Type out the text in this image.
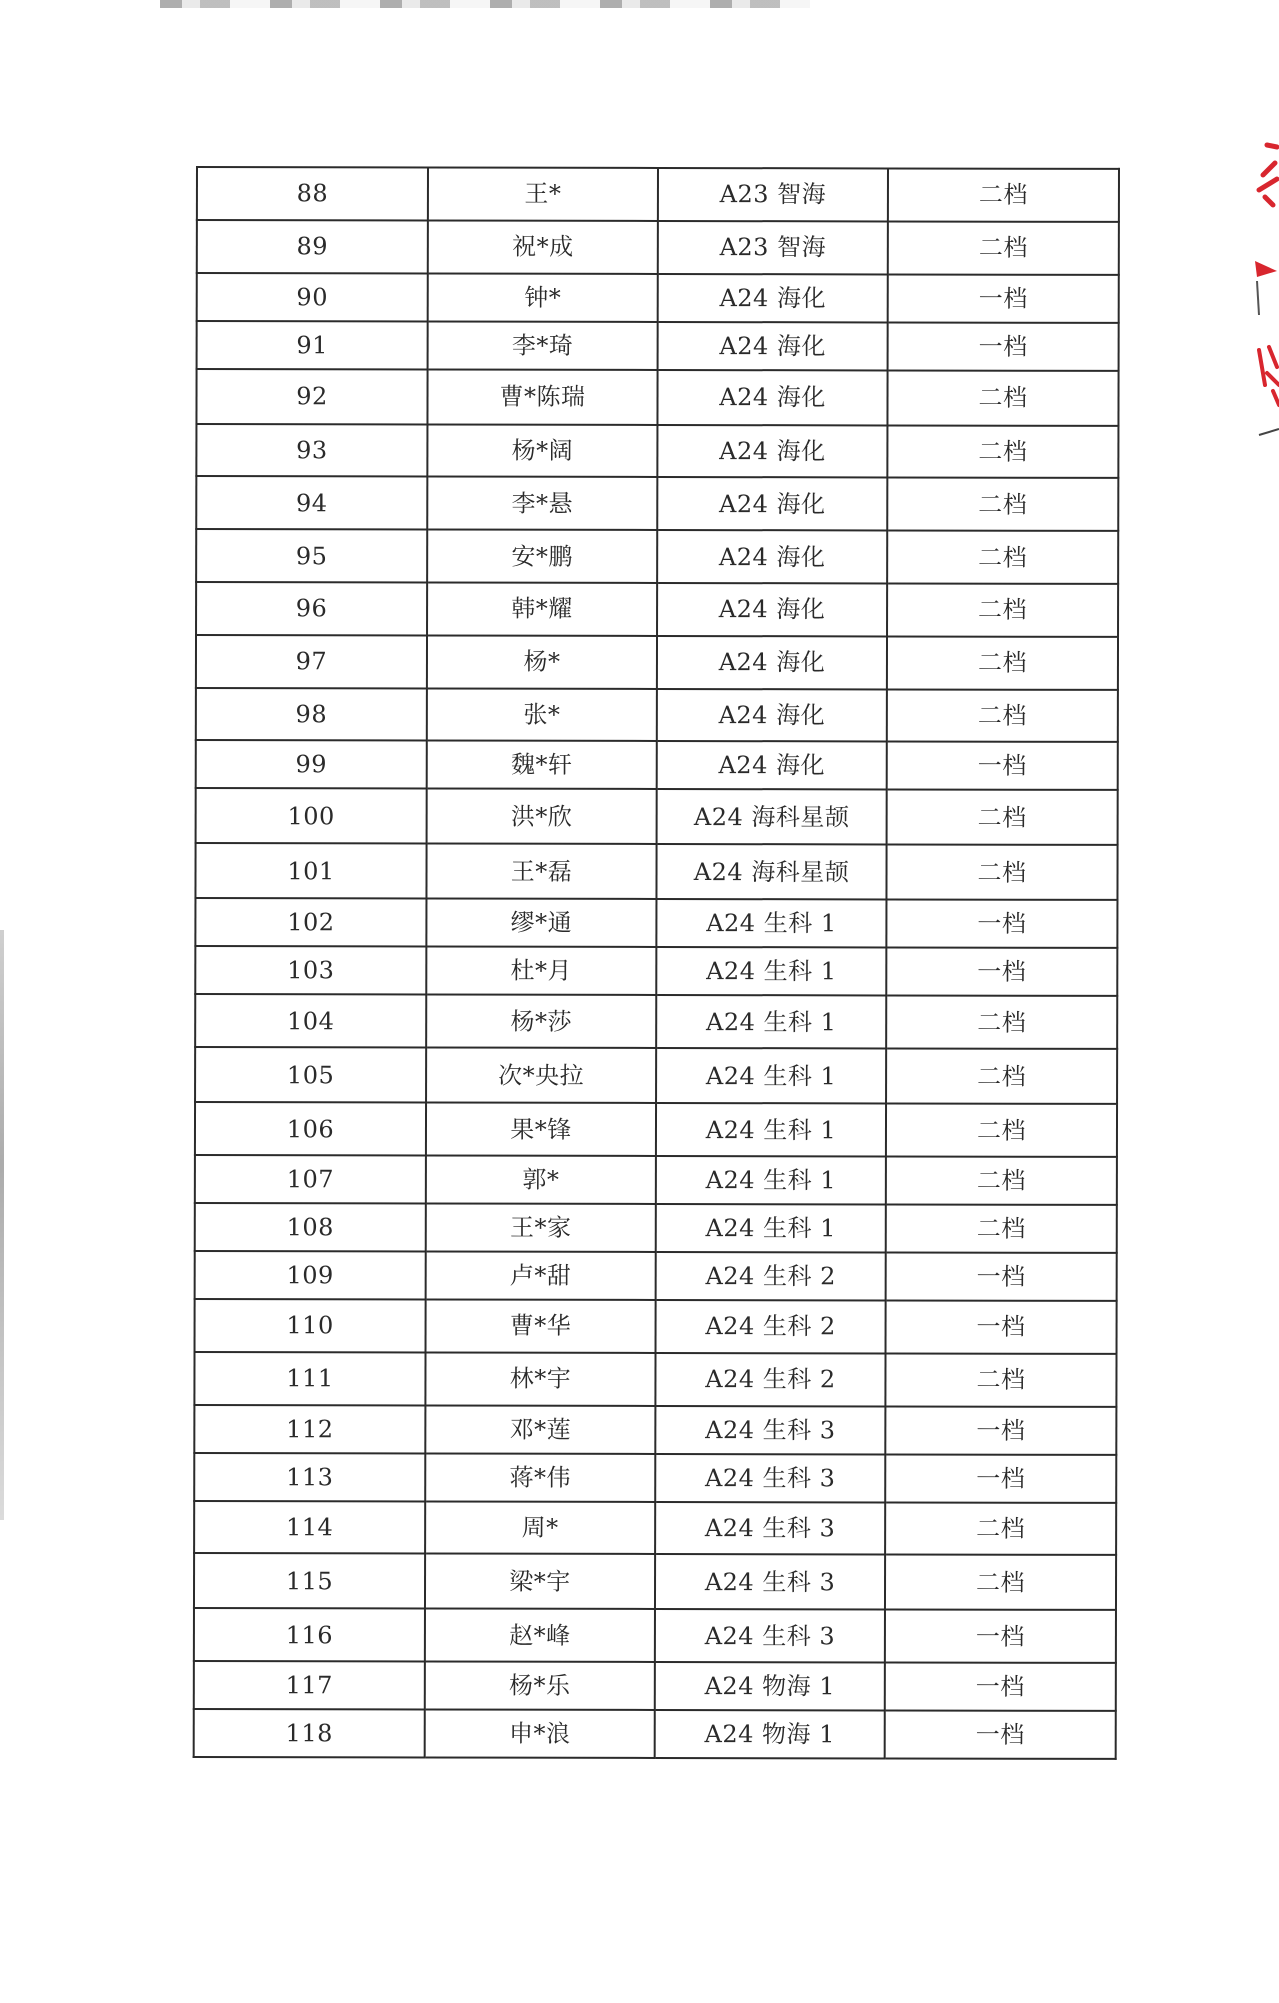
88	王*	A23 智海	二档
89	祝*成	A23 智海	二档
90	钟*	A24 海化	一档
91	李*琦	A24 海化	一档
92	曹*陈瑞	A24 海化	二档
93	杨*阔	A24 海化	二档
94	李*悬	A24 海化	二档
95	安*鹏	A24 海化	二档
96	韩*耀	A24 海化	二档
97	杨*	A24 海化	二档
98	张*	A24 海化	二档
99	魏*轩	A24 海化	一档
100	洪*欣	A24 海科星颉	二档
101	王*磊	A24 海科星颉	二档
102	缪*通	A24 生科 1	一档
103	杜*月	A24 生科 1	一档
104	杨*莎	A24 生科 1	二档
105	次*央拉	A24 生科 1	二档
106	果*锋	A24 生科 1	二档
107	郭*	A24 生科 1	二档
108	王*家	A24 生科 1	二档
109	卢*甜	A24 生科 2	一档
110	曹*华	A24 生科 2	一档
111	林*宇	A24 生科 2	二档
112	邓*莲	A24 生科 3	一档
113	蒋*伟	A24 生科 3	一档
114	周*	A24 生科 3	二档
115	梁*宇	A24 生科 3	二档
116	赵*峰	A24 生科 3	一档
117	杨*乐	A24 物海 1	一档
118	申*浪	A24 物海 1	一档
